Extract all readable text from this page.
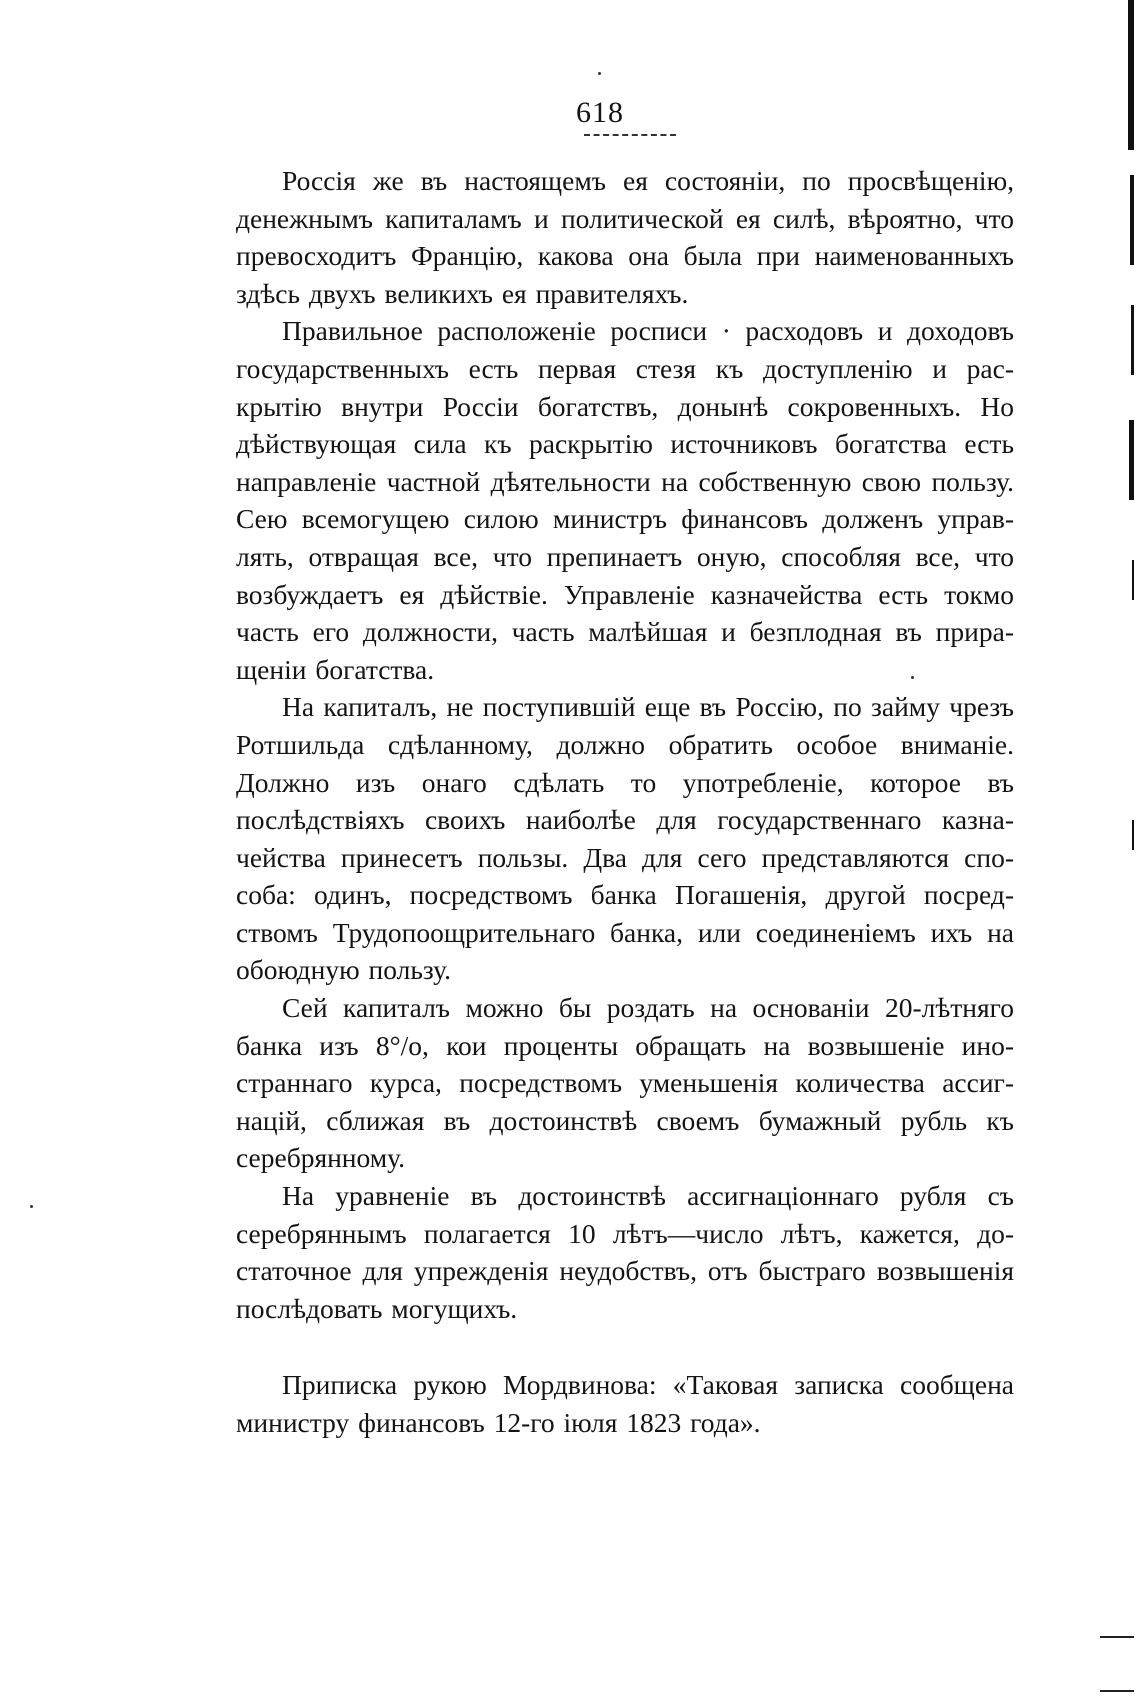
618

Россія же въ настоящемъ ея состояніи, по просвѣщенію, денежнымъ капиталамъ и политической ея силѣ, вѣроятно, что превосходитъ Францію, какова она была при наименованныхъ здѣсь двухъ великихъ ея правителяхъ.

Правильное расположеніе росписи · расходовъ и доходовъ государственныхъ есть первая стезя къ доступленію и раскрытію внутри Россіи богатствъ, донынѣ сокровенныхъ. Но дѣйствующая сила къ раскрытію источниковъ богатства есть направленіе частной дѣятельности на собственную свою пользу. Сею всемогущею силою министръ финансовъ долженъ управлять, отвращая все, что препинаетъ оную, способляя все, что возбуждаетъ ея дѣйствіе. Управленіе казначейства есть токмо часть его должности, часть малѣйшая и безплодная въ приращеніи богатства.

На капиталъ, не поступившій еще въ Россію, по займу чрезъ Ротшильда сдѣланному, должно обратить особое вниманіе. Должно изъ онаго сдѣлать то употребленіе, которое въ послѣдствіяхъ своихъ наиболѣе для государственнаго казначейства принесетъ пользы. Два для сего представляются способа: одинъ, посредствомъ банка Погашенія, другой посредствомъ Трудопоощрительнаго банка, или соединеніемъ ихъ на обоюдную пользу.

Сей капиталъ можно бы роздать на основаніи 20-лѣтняго банка изъ 8°/о, кои проценты обращать на возвышеніе иностраннаго курса, посредствомъ уменьшенія количества ассигнацій, сближая въ достоинствѣ своемъ бумажный рубль къ серебрянному.

На уравненіе въ достоинствѣ ассигнаціоннаго рубля съ серебряннымъ полагается 10 лѣтъ—число лѣтъ, кажется, достаточное для упрежденія неудобствъ, отъ быстраго возвышенія послѣдовать могущихъ.

Приписка рукою Мордвинова: «Таковая записка сообщена министру финансовъ 12-го іюля 1823 года».
